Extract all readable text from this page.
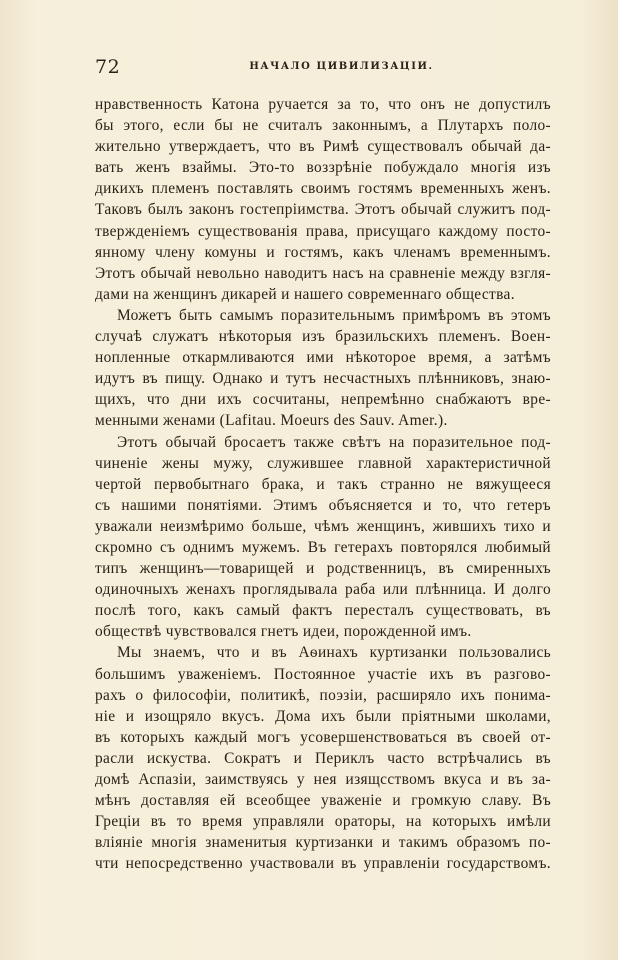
72	НАЧАЛО ЦИВИЛИЗАЦІИ.

нравственность Катона ручается за то, что онъ не допустилъ
бы этого, если бы не считалъ законнымъ, а Плутархъ поло-
жительно утверждаетъ, что въ Римѣ существовалъ обычай да-
вать женъ взаймы. Это-то воззрѣніе побуждало многія изъ
дикихъ племенъ поставлять своимъ гостямъ временныхъ женъ.
Таковъ былъ законъ гостепріимства. Этотъ обычай служитъ под-
твержденіемъ существованія права, присущаго каждому посто-
янному члену комуны и гостямъ, какъ членамъ временнымъ.
Этотъ обычай невольно наводитъ насъ на сравненіе между взгля-
дами на женщинъ дикарей и нашего современнаго общества.

Можетъ быть самымъ поразительнымъ примѣромъ въ этомъ
случаѣ служатъ нѣкоторыя изъ бразильскихъ племенъ. Воен-
нопленные откармливаются ими нѣкоторое время, а затѣмъ
идутъ въ пищу. Однако и тутъ несчастныхъ плѣнниковъ, знаю-
щихъ, что дни ихъ сосчитаны, непремѣнно снабжаютъ вре-
менными женами (Lafitau. Moeurs des Sauv. Amer.).

Этотъ обычай бросаетъ также свѣтъ на поразительное под-
чиненіе жены мужу, служившее главной характеристичной
чертой первобытнаго брака, и такъ странно не вяжущееся
съ нашими понятіями. Этимъ объясняется и то, что гетеръ
уважали неизмѣримо больше, чѣмъ женщинъ, жившихъ тихо и
скромно съ однимъ мужемъ. Въ гетерахъ повторялся любимый
типъ женщинъ—товарищей и родственницъ, въ смиренныхъ
одиночныхъ женахъ проглядывала раба или плѣнница. И долго
послѣ того, какъ самый фактъ пересталъ существовать, въ
обществѣ чувствовался гнетъ идеи, порожденной имъ.

Мы знаемъ, что и въ Аѳинахъ куртизанки пользовались
большимъ уваженіемъ. Постоянное участіе ихъ въ разгово-
рахъ о философіи, политикѣ, поэзіи, расширяло ихъ понима-
ніе и изощряло вкусъ. Дома ихъ были пріятными школами,
въ которыхъ каждый могъ усовершенствоваться въ своей от-
расли искуства. Сократъ и Периклъ часто встрѣчались въ
домѣ Аспазіи, заимствуясь у нея изящсствомъ вкуса и въ за-
мѣнъ доставляя ей всеобщее уваженіе и громкую славу. Въ
Греціи въ то время управляли ораторы, на которыхъ имѣли
вліяніе многія знаменитыя куртизанки и такимъ образомъ по-
чти непосредственно участвовали въ управленіи государствомъ.
